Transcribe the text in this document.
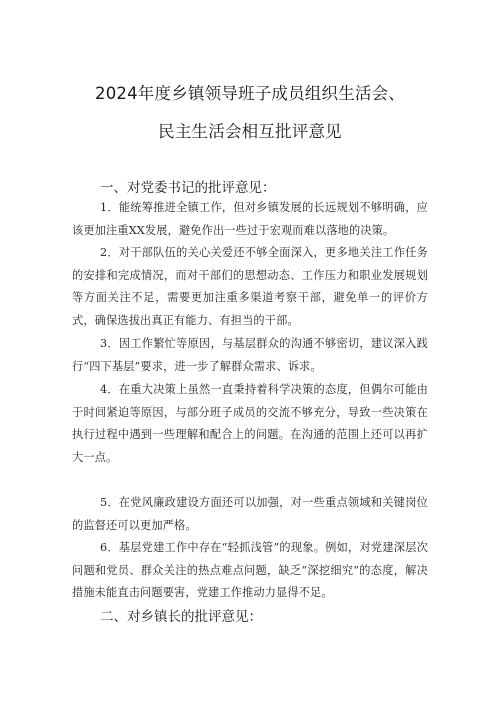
2024年度乡镇领导班子成员组织生活会、
民主生活会相互批评意见
一、对党委书记的批评意见：

1．能统筹推进全镇工作，但对乡镇发展的长远规划不够明确，应该更加注重XX发展，避免作出一些过于宏观而难以落地的决策。

2．对干部队伍的关心关爱还不够全面深入，更多地关注工作任务的安排和完成情况，而对干部们的思想动态、工作压力和职业发展规划等方面关注不足，需要更加注重多渠道考察干部，避免单一的评价方式，确保选拔出真正有能力、有担当的干部。

3．因工作繁忙等原因，与基层群众的沟通不够密切，建议深入践行“四下基层”要求，进一步了解群众需求、诉求。

4．在重大决策上虽然一直秉持着科学决策的态度，但偶尔可能由于时间紧迫等原因，与部分班子成员的交流不够充分，导致一些决策在执行过程中遇到一些理解和配合上的问题。在沟通的范围上还可以再扩大一点。

5．在党风廉政建设方面还可以加强，对一些重点领域和关键岗位的监督还可以更加严格。

6．基层党建工作中存在“轻抓浅管”的现象。例如，对党建深层次问题和党员、群众关注的热点难点问题，缺乏“深挖细究”的态度，解决措施未能直击问题要害，党建工作推动力显得不足。

二、对乡镇长的批评意见：
